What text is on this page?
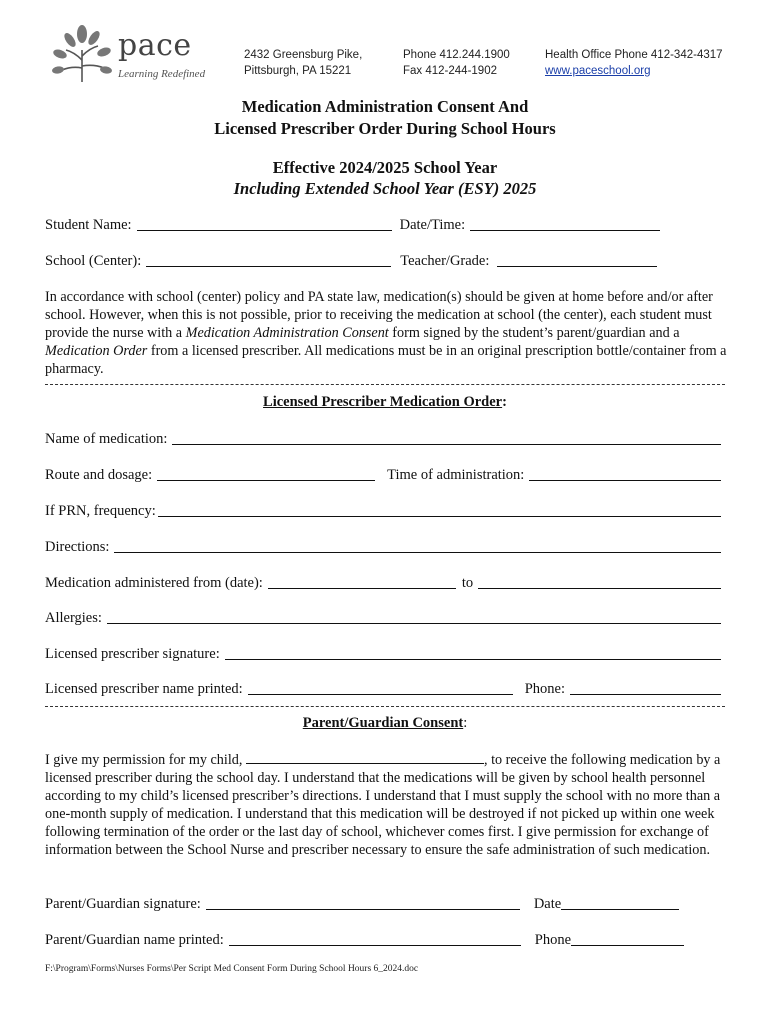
pace
Learning Redefined
2432 Greensburg Pike,
Pittsburgh, PA 15221
Phone 412.244.1900
Fax 412-244-1902
Health Office Phone 412-342-4317
www.paceschool.org
Medication Administration Consent And
Licensed Prescriber Order During School Hours
Effective 2024/2025 School Year
Including Extended School Year (ESY) 2025
Student Name:	Date/Time:
School (Center):	Teacher/Grade:
In accordance with school (center) policy and PA state law, medication(s) should be given at home before and/or after school. However, when this is not possible, prior to receiving the medication at school (the center), each student must provide the nurse with a Medication Administration Consent form signed by the student’s parent/guardian and a Medication Order from a licensed prescriber. All medications must be in an original prescription bottle/container from a pharmacy.
Licensed Prescriber Medication Order:
Name of medication:
Route and dosage:	Time of administration:
If PRN, frequency:
Directions:
Medication administered from (date):	to
Allergies:
Licensed prescriber signature:
Licensed prescriber name printed:	Phone:
Parent/Guardian Consent:
I give my permission for my child,	, to receive the following medication by a licensed prescriber during the school day. I understand that the medications will be given by school health personnel according to my child’s licensed prescriber’s directions. I understand that I must supply the school with no more than a one-month supply of medication. I understand that this medication will be destroyed if not picked up within one week following termination of the order or the last day of school, whichever comes first. I give permission for exchange of information between the School Nurse and prescriber necessary to ensure the safe administration of such medication.
Parent/Guardian signature:	Date
Parent/Guardian name printed:	Phone
F:\Program\Forms\Nurses Forms\Per Script Med Consent Form During School Hours 6_2024.doc
